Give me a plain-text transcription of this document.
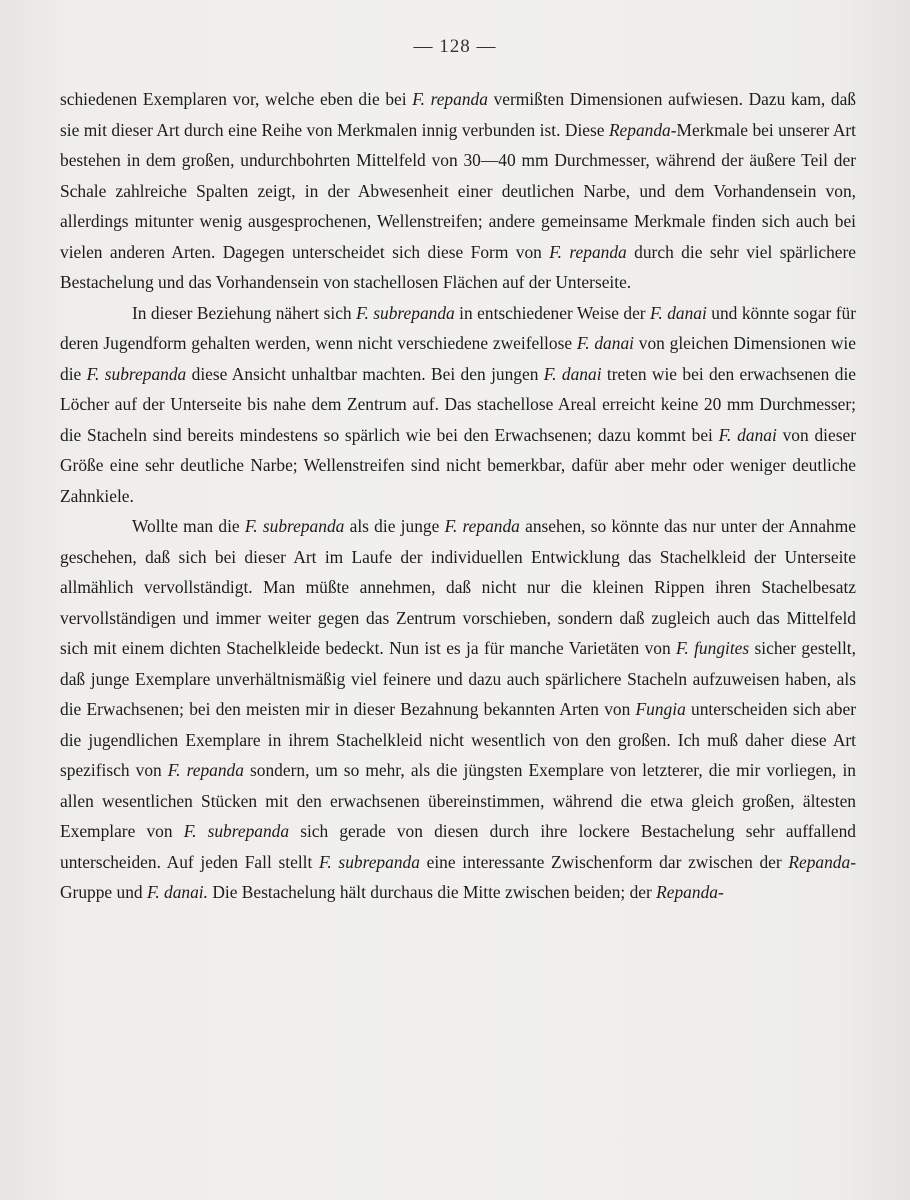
— 128 —

schiedenen Exemplaren vor, welche eben die bei F. repanda vermißten Dimensionen aufwiesen. Dazu kam, daß sie mit dieser Art durch eine Reihe von Merkmalen innig verbunden ist. Diese Repanda-Merkmale bei unserer Art bestehen in dem großen, undurchbohrten Mittelfeld von 30—40 mm Durchmesser, während der äußere Teil der Schale zahlreiche Spalten zeigt, in der Abwesenheit einer deutlichen Narbe, und dem Vorhandensein von, allerdings mitunter wenig ausgesprochenen, Wellenstreifen; andere gemeinsame Merkmale finden sich auch bei vielen anderen Arten. Dagegen unterscheidet sich diese Form von F. repanda durch die sehr viel spärlichere Bestachelung und das Vorhandensein von stachellosen Flächen auf der Unterseite.

In dieser Beziehung nähert sich F. subrepanda in entschiedener Weise der F. danai und könnte sogar für deren Jugendform gehalten werden, wenn nicht verschiedene zweifellose F. danai von gleichen Dimensionen wie die F. subrepanda diese Ansicht unhaltbar machten. Bei den jungen F. danai treten wie bei den erwachsenen die Löcher auf der Unterseite bis nahe dem Zentrum auf. Das stachellose Areal erreicht keine 20 mm Durchmesser; die Stacheln sind bereits mindestens so spärlich wie bei den Erwachsenen; dazu kommt bei F. danai von dieser Größe eine sehr deutliche Narbe; Wellenstreifen sind nicht bemerkbar, dafür aber mehr oder weniger deutliche Zahnkiele.

Wollte man die F. subrepanda als die junge F. repanda ansehen, so könnte das nur unter der Annahme geschehen, daß sich bei dieser Art im Laufe der individuellen Entwicklung das Stachelkleid der Unterseite allmählich vervollständigt. Man müßte annehmen, daß nicht nur die kleinen Rippen ihren Stachelbesatz vervollständigen und immer weiter gegen das Zentrum vorschieben, sondern daß zugleich auch das Mittelfeld sich mit einem dichten Stachelkleide bedeckt. Nun ist es ja für manche Varietäten von F. fungites sicher gestellt, daß junge Exemplare unverhältnismäßig viel feinere und dazu auch spärlichere Stacheln aufzuweisen haben, als die Erwachsenen; bei den meisten mir in dieser Bezahnung bekannten Arten von Fungia unterscheiden sich aber die jugendlichen Exemplare in ihrem Stachelkleid nicht wesentlich von den großen. Ich muß daher diese Art spezifisch von F. repanda sondern, um so mehr, als die jüngsten Exemplare von letzterer, die mir vorliegen, in allen wesentlichen Stücken mit den erwachsenen übereinstimmen, während die etwa gleich großen, ältesten Exemplare von F. subrepanda sich gerade von diesen durch ihre lockere Bestachelung sehr auffallend unterscheiden. Auf jeden Fall stellt F. subrepanda eine interessante Zwischenform dar zwischen der Repanda-Gruppe und F. danai. Die Bestachelung hält durchaus die Mitte zwischen beiden; der Repanda-
